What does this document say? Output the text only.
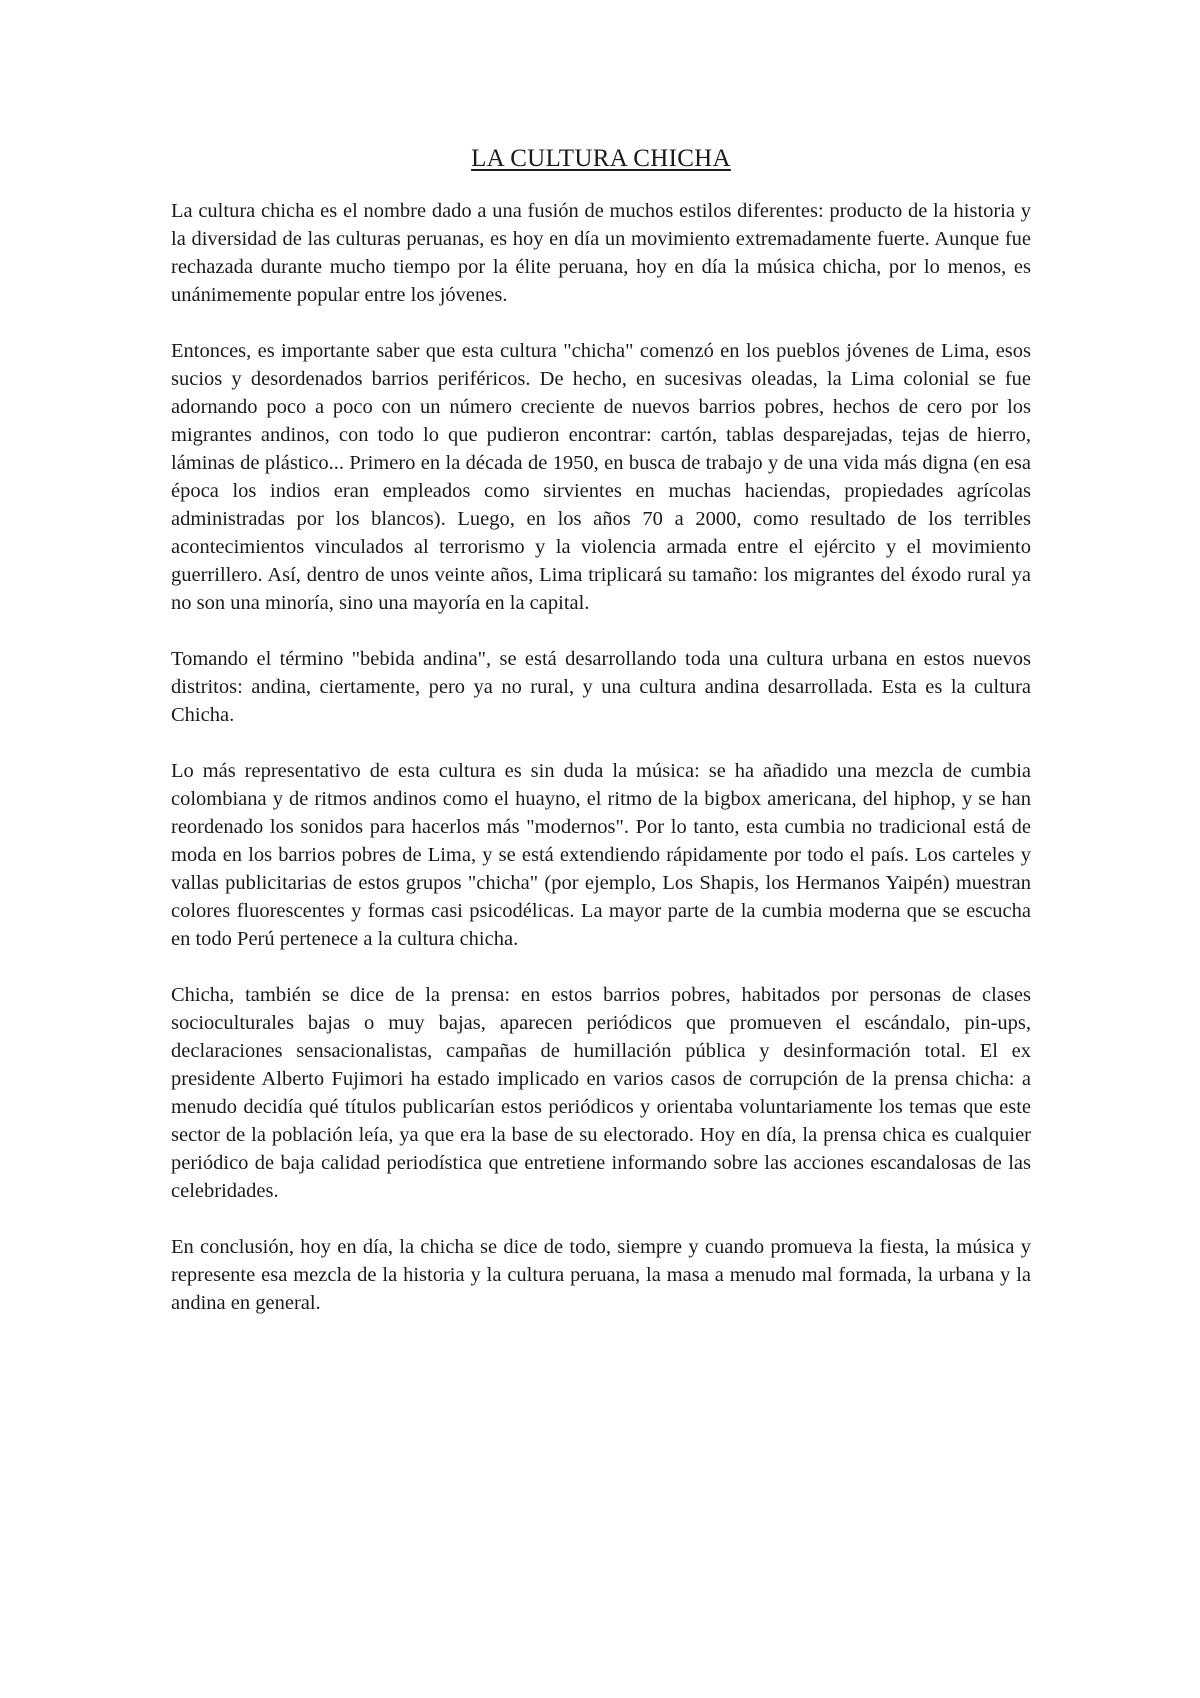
LA CULTURA CHICHA

La cultura chicha es el nombre dado a una fusión de muchos estilos diferentes: producto de la historia y la diversidad de las culturas peruanas, es hoy en día un movimiento extremadamente fuerte. Aunque fue rechazada durante mucho tiempo por la élite peruana, hoy en día la música chicha, por lo menos, es unánimemente popular entre los jóvenes.

Entonces, es importante saber que esta cultura "chicha" comenzó en los pueblos jóvenes de Lima, esos sucios y desordenados barrios periféricos. De hecho, en sucesivas oleadas, la Lima colonial se fue adornando poco a poco con un número creciente de nuevos barrios pobres, hechos de cero por los migrantes andinos, con todo lo que pudieron encontrar: cartón, tablas desparejadas, tejas de hierro, láminas de plástico... Primero en la década de 1950, en busca de trabajo y de una vida más digna (en esa época los indios eran empleados como sirvientes en muchas haciendas, propiedades agrícolas administradas por los blancos). Luego, en los años 70 a 2000, como resultado de los terribles acontecimientos vinculados al terrorismo y la violencia armada entre el ejército y el movimiento guerrillero. Así, dentro de unos veinte años, Lima triplicará su tamaño: los migrantes del éxodo rural ya no son una minoría, sino una mayoría en la capital.

Tomando el término "bebida andina", se está desarrollando toda una cultura urbana en estos nuevos distritos: andina, ciertamente, pero ya no rural, y una cultura andina desarrollada. Esta es la cultura Chicha.

Lo más representativo de esta cultura es sin duda la música: se ha añadido una mezcla de cumbia colombiana y de ritmos andinos como el huayno, el ritmo de la bigbox americana, del hiphop, y se han reordenado los sonidos para hacerlos más "modernos". Por lo tanto, esta cumbia no tradicional está de moda en los barrios pobres de Lima, y se está extendiendo rápidamente por todo el país. Los carteles y vallas publicitarias de estos grupos "chicha" (por ejemplo, Los Shapis, los Hermanos Yaipén) muestran colores fluorescentes y formas casi psicodélicas. La mayor parte de la cumbia moderna que se escucha en todo Perú pertenece a la cultura chicha.

Chicha, también se dice de la prensa: en estos barrios pobres, habitados por personas de clases socioculturales bajas o muy bajas, aparecen periódicos que promueven el escándalo, pin-ups, declaraciones sensacionalistas, campañas de humillación pública y desinformación total. El ex presidente Alberto Fujimori ha estado implicado en varios casos de corrupción de la prensa chicha: a menudo decidía qué títulos publicarían estos periódicos y orientaba voluntariamente los temas que este sector de la población leía, ya que era la base de su electorado. Hoy en día, la prensa chica es cualquier periódico de baja calidad periodística que entretiene informando sobre las acciones escandalosas de las celebridades.

En conclusión, hoy en día, la chicha se dice de todo, siempre y cuando promueva la fiesta, la música y represente esa mezcla de la historia y la cultura peruana, la masa a menudo mal formada, la urbana y la andina en general.
